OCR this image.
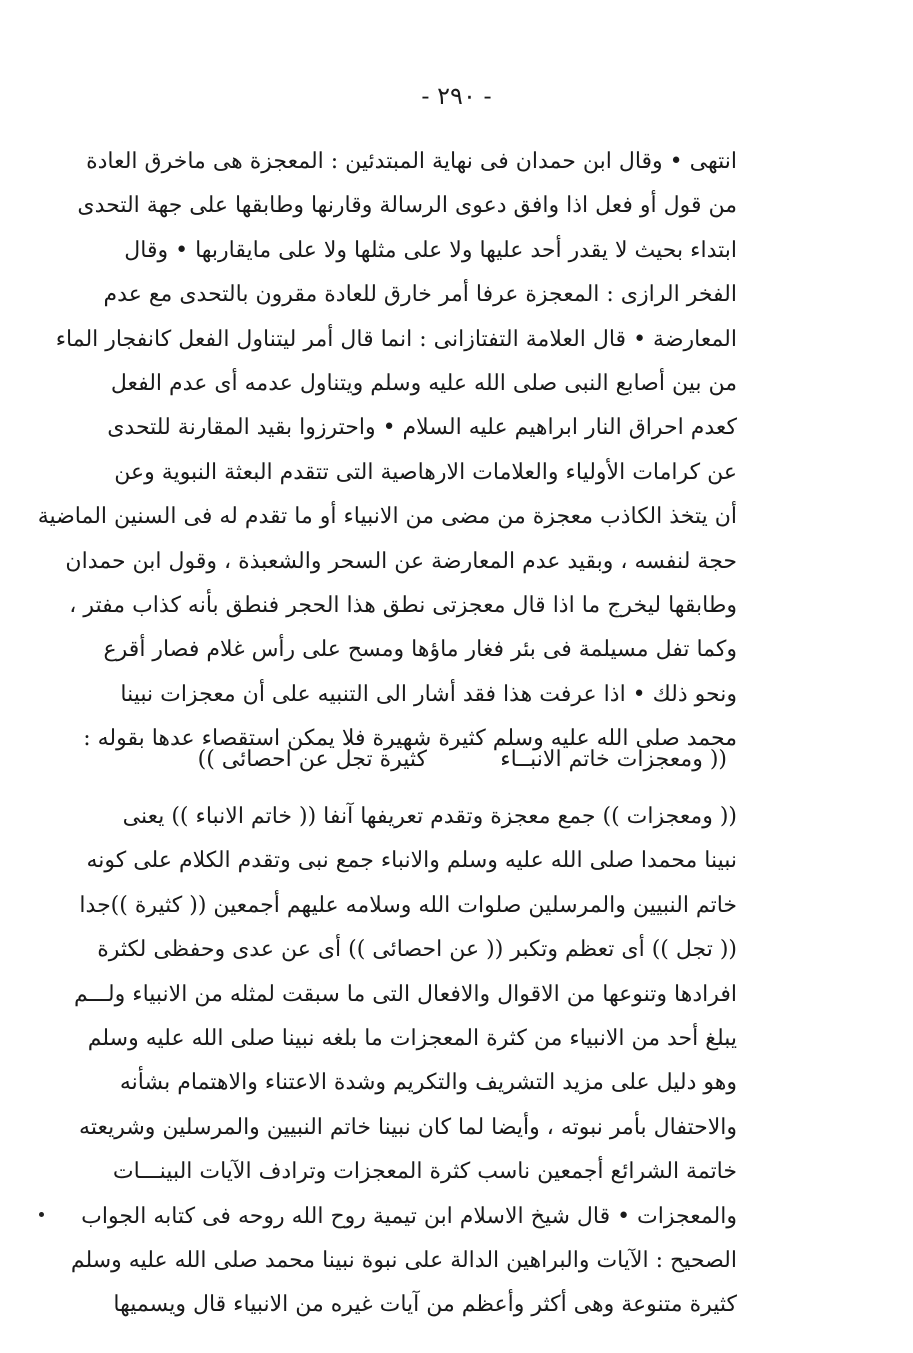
- ٢٩٠ -
انتهى • وقال ابن حمدان فى نهاية المبتدئين : المعجزة هى ماخرق العادة
من قول أو فعل اذا وافق دعوى الرسالة وقارنها وطابقها على جهة التحدى
ابتداء بحيث لا يقدر أحد عليها ولا على مثلها ولا على مايقاربها • وقال
الفخر الرازى : المعجزة عرفا أمر خارق للعادة مقرون بالتحدى مع عدم
المعارضة • قال العلامة التفتازانى : انما قال أمر ليتناول الفعل كانفجار الماء
من بين أصابع النبى صلى الله عليه وسلم ويتناول عدمه أى عدم الفعل
كعدم احراق النار ابراهيم عليه السلام • واحترزوا بقيد المقارنة للتحدى
عن كرامات الأولياء والعلامات الارهاصية التى تتقدم البعثة النبوية وعن
أن يتخذ الكاذب معجزة من مضى من الانبياء أو ما تقدم له فى السنين الماضية
حجة لنفسه ، وبقيد عدم المعارضة عن السحر والشعبذة ، وقول ابن حمدان
وطابقها ليخرج ما اذا قال معجزتى نطق هذا الحجر فنطق بأنه كذاب مفتر ،
وكما تفل مسيلمة فى بئر فغار ماؤها ومسح على رأس غلام فصار أقرع
ونحو ذلك • اذا عرفت هذا فقد أشار الى التنبيه على أن معجزات نبينا
محمد صلى الله عليه وسلم كثيرة شهيرة فلا يمكن استقصاء عدها بقوله :
(( ومعجزات خاتم الانبــاء
كثيرة تجل عن احصائى ))
(( ومعجزات )) جمع معجزة وتقدم تعريفها آنفا (( خاتم الانباء )) يعنى
نبينا محمدا صلى الله عليه وسلم والانباء جمع نبى وتقدم الكلام على كونه
خاتم النبيين والمرسلين صلوات الله وسلامه عليهم أجمعين (( كثيرة ))جدا
(( تجل )) أى تعظم وتكبر (( عن احصائى )) أى عن عدى وحفظى لكثرة
افرادها وتنوعها من الاقوال والافعال التى ما سبقت لمثله من الانبياء ولـــم
يبلغ أحد من الانبياء من كثرة المعجزات ما بلغه نبينا صلى الله عليه وسلم
وهو دليل على مزيد التشريف والتكريم وشدة الاعتناء والاهتمام بشأنه
والاحتفال بأمر نبوته ، وأيضا لما كان نبينا خاتم النبيين والمرسلين وشريعته
خاتمة الشرائع أجمعين ناسب كثرة المعجزات وترادف الآيات البينـــات
والمعجزات • قال شيخ الاسلام ابن تيمية روح الله روحه فى كتابه الجواب
الصحيح : الآيات والبراهين الدالة على نبوة نبينا محمد صلى الله عليه وسلم
كثيرة متنوعة وهى أكثر وأعظم من آيات غيره من الانبياء قال ويسميها
